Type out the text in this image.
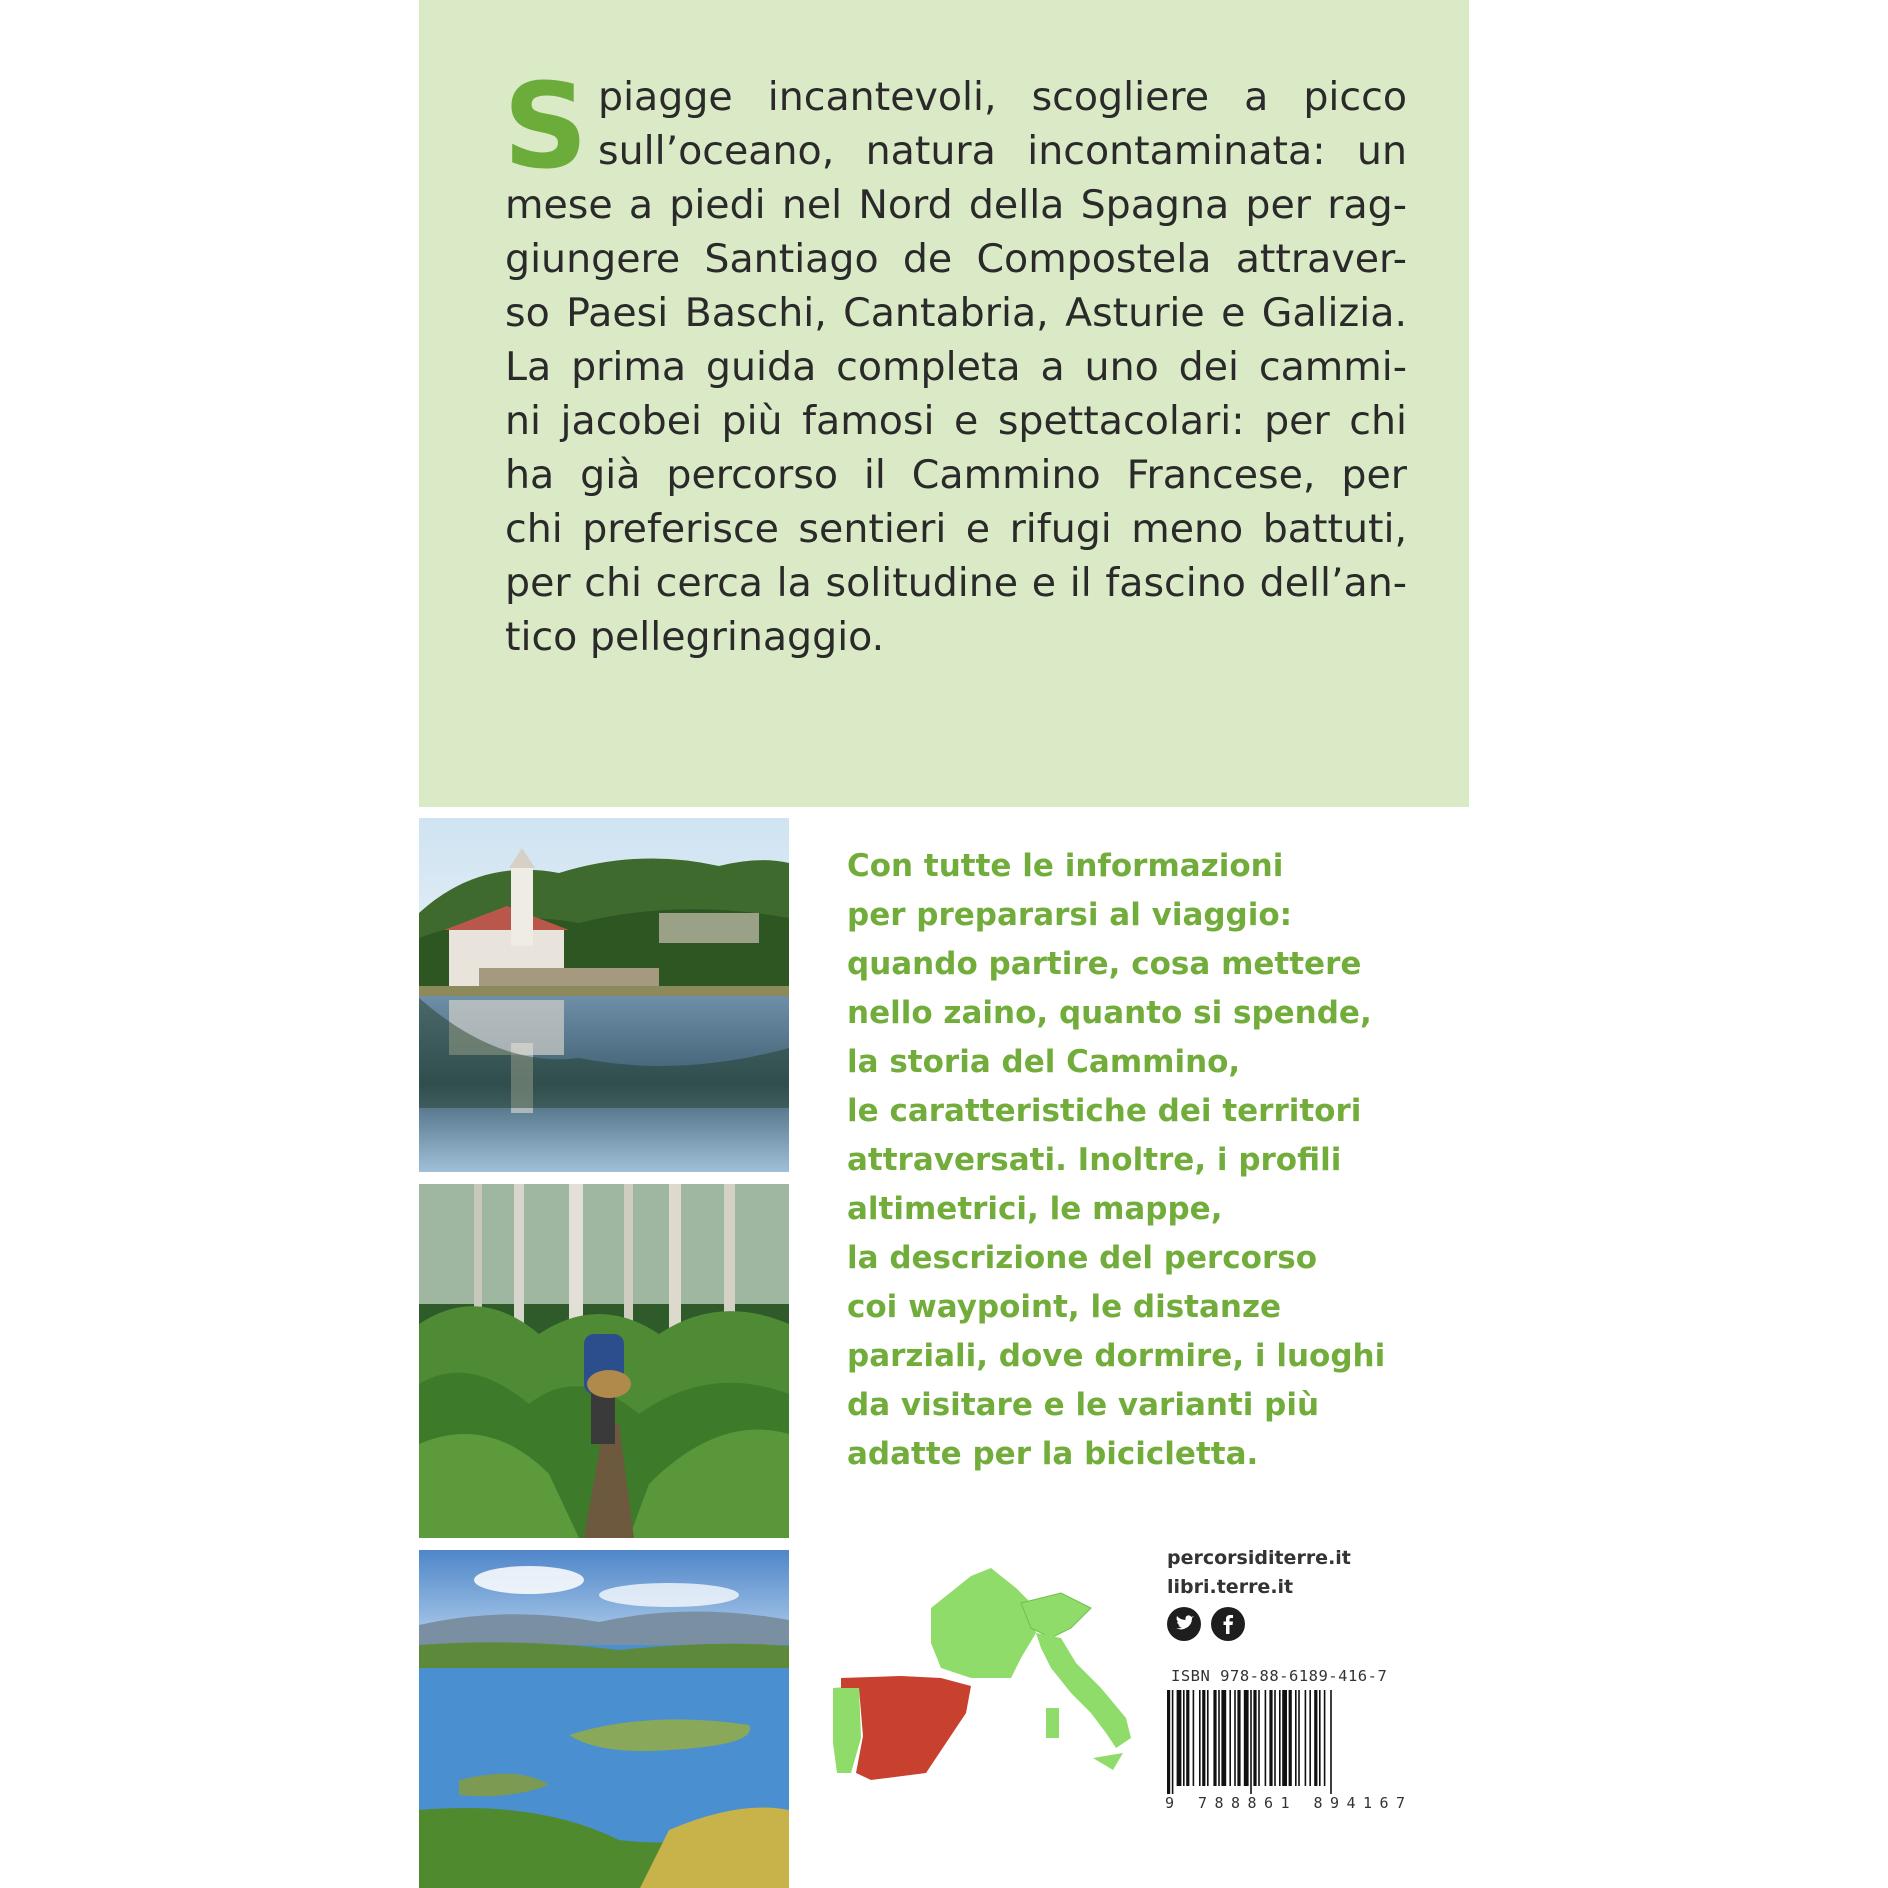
S piagge incantevoli, scogliere a picco
sull’oceano, natura incontaminata: un
mese a piedi nel Nord della Spagna per rag-
giungere Santiago de Compostela attraver-
so Paesi Baschi, Cantabria, Asturie e Galizia.
La prima guida completa a uno dei cammi-
ni jacobei più famosi e spettacolari: per chi
ha già percorso il Cammino Francese, per
chi preferisce sentieri e rifugi meno battuti,
per chi cerca la solitudine e il fascino dell’an-
tico pellegrinaggio.

Con tutte le informazioni
per prepararsi al viaggio:
quando partire, cosa mettere
nello zaino, quanto si spende,
la storia del Cammino,
le caratteristiche dei territori
attraversati. Inoltre, i profili
altimetrici, le mappe,
la descrizione del percorso
coi waypoint, le distanze
parziali, dove dormire, i luoghi
da visitare e le varianti più
adatte per la bicicletta.
percorsiditerre.it
libri.terre.it
ISBN 978-88-6189-416-7
9 788861 894167
